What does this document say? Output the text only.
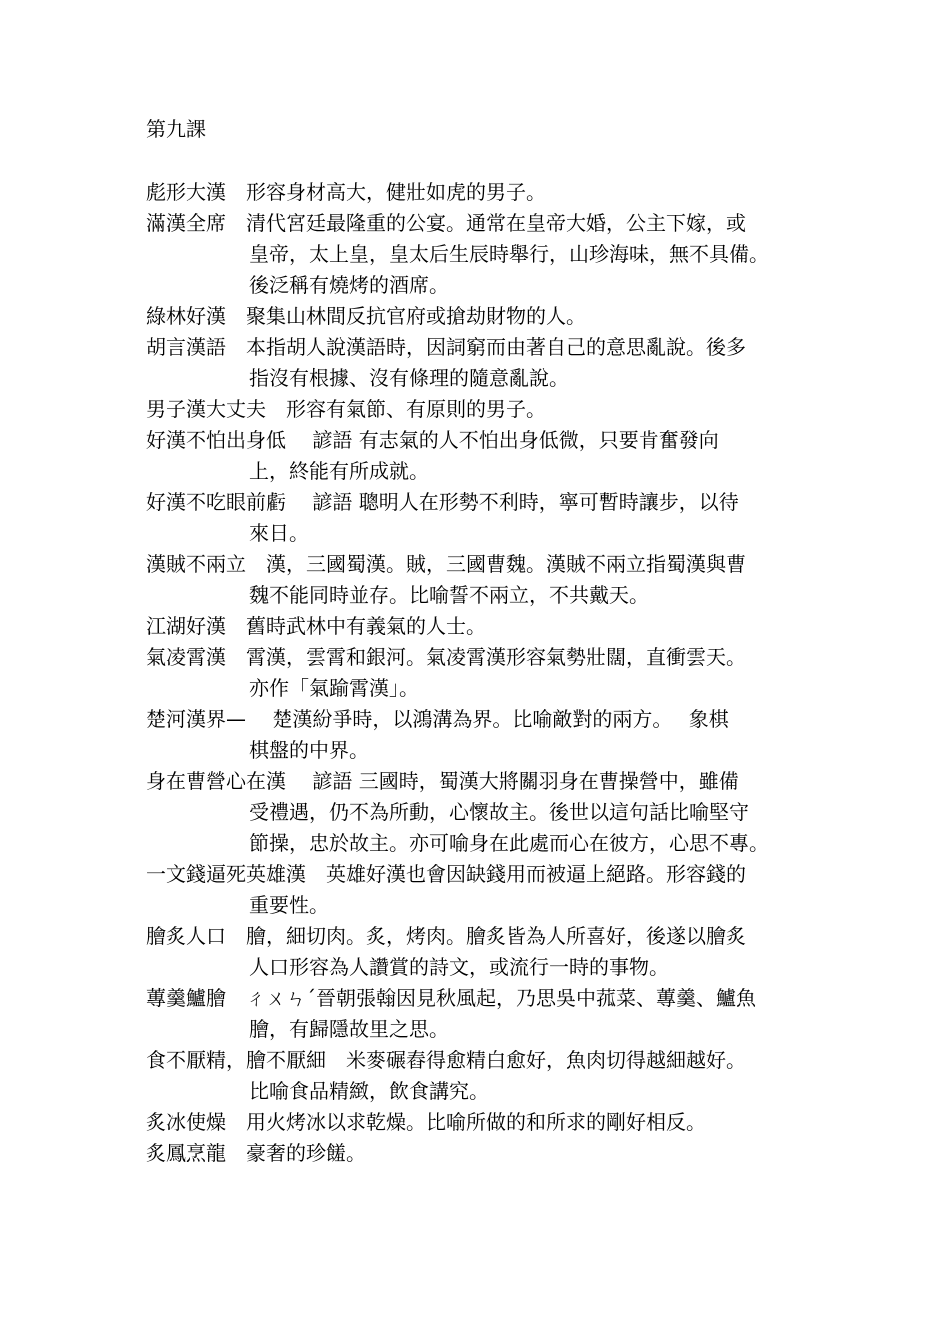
第九課
彪形大漢　形容身材高大，健壯如虎的男子。
滿漢全席　清代宮廷最隆重的公宴。通常在皇帝大婚，公主下嫁，或
皇帝，太上皇，皇太后生辰時舉行，山珍海味，無不具備。
後泛稱有燒烤的酒席。
綠林好漢　聚集山林間反抗官府或搶劫財物的人。
胡言漢語　本指胡人說漢語時，因詞窮而由著自己的意思亂說。後多
指沒有根據、沒有條理的隨意亂說。
男子漢大丈夫　形容有氣節、有原則的男子。
好漢不怕出身低　 諺語 有志氣的人不怕出身低微，只要肯奮發向
上，終能有所成就。
好漢不吃眼前虧　 諺語 聰明人在形勢不利時，寧可暫時讓步，以待
來日。
漢賊不兩立　漢，三國蜀漢。賊，三國曹魏。漢賊不兩立指蜀漢與曹
魏不能同時並存。比喻誓不兩立，不共戴天。
江湖好漢　舊時武林中有義氣的人士。
氣凌霄漢　霄漢，雲霄和銀河。氣凌霄漢形容氣勢壯闊，直衝雲天。
亦作「氣踰霄漢」。
楚河漢界—　 楚漢紛爭時，以鴻溝為界。比喻敵對的兩方。　 象棋
棋盤的中界。
身在曹營心在漢　 諺語 三國時，蜀漢大將關羽身在曹操營中，雖備
受禮遇，仍不為所動，心懷故主。後世以這句話比喻堅守
節操，忠於故主。亦可喻身在此處而心在彼方，心思不專。
一文錢逼死英雄漢　英雄好漢也會因缺錢用而被逼上絕路。形容錢的
重要性。
膾炙人口　膾，細切肉。炙，烤肉。膾炙皆為人所喜好，後遂以膾炙
人口形容為人讚賞的詩文，或流行一時的事物。
蓴羹鱸膾　ㄔㄨㄣˊ晉朝張翰因見秋風起，乃思吳中菰菜、蓴羹、鱸魚
膾，有歸隱故里之思。
食不厭精，膾不厭細　米麥碾舂得愈精白愈好，魚肉切得越細越好。
比喻食品精緻，飲食講究。
炙冰使燥　用火烤冰以求乾燥。比喻所做的和所求的剛好相反。
炙鳳烹龍　豪奢的珍饈。
